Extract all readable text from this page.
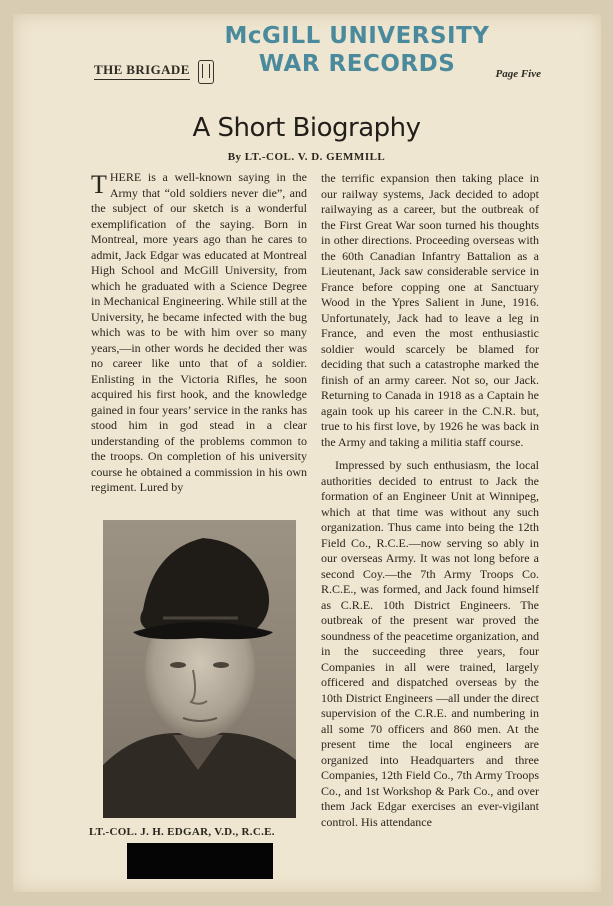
McGILL UNIVERSITY
WAR RECORDS
THE BRIGADE	Page Five
A Short Biography
By LT.-COL. V. D. GEMMILL

THERE is a well-known saying in the Army that “old soldiers never die”, and the subject of our sketch is a wonderful exemplification of the saying. Born in Montreal, more years ago than he cares to admit, Jack Edgar was educated at Montreal High School and McGill University, from which he graduated with a Science Degree in Mechanical Engineering. While still at the University, he became infected with the bug which was to be with him over so many years,—in other words he decided ther was no career like unto that of a soldier. Enlisting in the Victoria Rifles, he soon acquired his first hook, and the knowledge gained in four years’ service in the ranks has stood him in god stead in a clear understanding of the problems common to the troops. On completion of his university course he obtained a commission in his own regiment. Lured by

the terrific expansion then taking place in our railway systems, Jack decided to adopt railwaying as a career, but the outbreak of the First Great War soon turned his thoughts in other directions. Proceeding overseas with the 60th Canadian Infantry Battalion as a Lieutenant, Jack saw considerable service in France before copping one at Sanctuary Wood in the Ypres Salient in June, 1916. Unfortunately, Jack had to leave a leg in France, and even the most enthusiastic soldier would scarcely be blamed for deciding that such a catastrophe marked the finish of an army career. Not so, our Jack. Returning to Canada in 1918 as a Captain he again took up his career in the C.N.R. but, true to his first love, by 1926 he was back in the Army and taking a militia staff course.

Impressed by such enthusiasm, the local authorities decided to entrust to Jack the formation of an Engineer Unit at Winnipeg, which at that time was without any such organization. Thus came into being the 12th Field Co., R.C.E.—now serving so ably in our overseas Army. It was not long before a second Coy.—the 7th Army Troops Co. R.C.E., was formed, and Jack found himself as C.R.E. 10th District Engineers. The outbreak of the present war proved the soundness of the peacetime organization, and in the succeeding three years, four Companies in all were trained, largely officered and dispatched overseas by the 10th District Engineers —all under the direct supervision of the C.R.E. and numbering in all some 70 officers and 860 men. At the present time the local engineers are organized into Headquarters and three Companies, 12th Field Co., 7th Army Troops Co., and 1st Workshop & Park Co., and over them Jack Edgar exercises an ever-vigilant control. His attendance

LT.-COL. J. H. EDGAR, V.D., R.C.E.
